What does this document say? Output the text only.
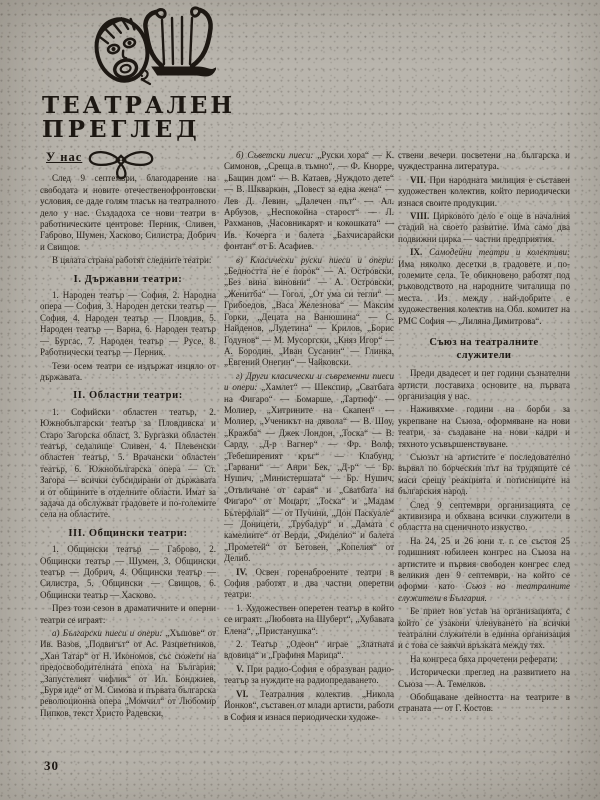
ТЕАТРАЛЕН
ПРЕГЛЕД
У нас

След 9 септември, благодарение на свободата и новите отечественофронтовски условия, се даде голям тласък на театралното дело у нас. Създадоха се нови театри в работническите центрове: Перник, Сливен, Габрово, Шумен, Хасково, Силистра, Добрич и Свищов.

В цялата страна работят следните театри:

I. Държавни театри:

1. Народен театър — София, 2. Народна опера — София, 3. Народен детски театър — София, 4. Народен театър — Пловдив, 5. Народен театър — Варна, 6. Народен театър — Бургас, 7. Народен театър — Русе, 8. Работнически театър — Перник.

Тези осем театри се издържат изцяло от държавата.

II. Областни театри:

1. Софийски областен театър, 2. Южнобългарски театър за Пловдивска и Старо Загорска област, 3. Бургазки областен театър, седалище Сливен, 4. Плевенски областен театър, 5. Врачански областен театър, 6. Южнобългарска опера — Ст. Загора — всички субсидирани от държавата и от общините в отделните области. Имат за задача да обслужват градовете и по-големите села на областите.

III. Общински театри:

1. Общински театър — Габрово, 2. Общински театър — Шумен, 3. Общински театър — Добрич, 4. Общински театър — Силистра, 5. Общински — Свищов, 6. Общински театър — Хасково.

През този сезон в драматичните и оперни театри се играят:

а) Български пиеси и опери: „Хъшове“ от Ив. Вазов, „Подвигът“ от Ас. Разцветников, „Хан Татар“ от Н. Икономов, със сюжети на предосвободителната епоха на България; „Запустелият чифлик“ от Ил. Бонджиев, „Буря иде“ от М. Симова и първата българска революционна опера „Момчил“ от Любомир Пипков, текст Христо Радевски,

б) Съветски пиеси: „Руски хора“ — К. Симонов, „Среща в тъмно“, — Ф. Кнорре, „Бащин дом“ — В. Катаев, „Чуждото дете“ — В. Шкваркин, „Повест за една жена“ — Лев Д. Левин, „Далечен път“ — Ал. Арбузов, „Неспокойна старост“ — Л. Рахманов, „Часовникарят и кокошката“ — Ив. Кочерга и балета „Бахчисарайски фонтан“ от Б. Асафиев.

в) Класически руски пиеси и опери: „Бедността не е порок“ — А. Островски, „Без вина виновни“ — А. Островски, „Женитба“ — Гогол, „От ума си тегли“ — Грибоедов, „Васа Железнова“ — Максим Горки, „Децата на Ванюшина“ — С. Найденов, „Лудетина“ — Крилов, „Борис Годунов“ — М. Мусоргски, „Княз Игор“ — А. Бородин, „Иван Сусанин“ — Глинка, „Евгений Онегин“ — Чайковски.

г) Други класически и съвременни пиеси и опери: „Хамлет“ — Шекспир, „Сватбата на Фигаро“ — Бомарше, „Тартюф“ — Молиер, „Хитрините на Скапен“ — Молиер, „Ученикът на дявола“ — В. Шоу, „Кражба“ — Джек Лондон, „Тоска“ — В. Сарду, „Д-р Вагнер“ — Фр. Волф, „Тебеширеният кръг“ — Клабунд, „Гарвани“ — Анри Бек, „Д-р“ — Бр. Нушич, „Министершата“ — Бр. Нушич, „Отвличане от сарая“ и „Сватбата на Фигаро“ от Моцарт, „Тоска“ и „Мадам Бътерфлай“ — от Пучини, „Дон Паскуале“ — Доницети, „Трубадур“ и „Дамата с камелиите“ от Верди, „Фиделио“ и балета „Прометей“ от Бетовен, „Копелия“ от Делиб.

IV. Освен горенаброените театри в София работят и два частни оперетни театри:

1. Художествен оперетен театър в който се играят: „Любовта на Шуберт“, „Хубавата Елена“, „Пристанушка“.

2. Театър „Одеон“ играе „Златната вдовица“ и „Графиня Марица“.

V. При радио-София е образуван радио-театър за нуждите на радиопредаването.

VI. Театралния колектив „Никола Йонков“, съставен от млади артисти, работи в София и изнася периодически художе-

ствени вечери посветени на българска и чуждестранна литература.

VII. При народната милиция е съставен художествен колектив, който периодически изнася своите продукции.

VIII. Цирковото дело е още в началния стадий на своето развитие. Има само два подвижни цирка — частни предприятия.

IX. Самодейни театри и колективи: Има няколко десетки в градовете и по-големите села. Те обикновено работят под ръководството на народните читалища по места. Из между най-добрите е художествения колектив на Обл. комитет на РМС София — „Лиляна Димитрова“.

Съюз на театралните служители

Преди двадесет и пет години съзнателни артисти поставиха основите на първата организация у нас.

Наживяхме години на борби за укрепване на Съюза, оформяване на нови театри, за създаване на нови кадри и тяхното усъвършенствуване.

Съюзът на артистите е последователно вървял по борческия път на трудящите се маси срещу реакцията и потисниците на българския народ.

След 9 септември организацията се активизира и обхвана всички служители в областта на сценичното изкуство.

На 24, 25 и 26 юни т. г. се състоя 25 годишният юбилеен конгрес на Съюза на артистите и първия свободен конгрес след великия ден 9 септември, на който се оформи като Съюз на театралните служители в България.

Бе приет нов устав на организацията, с който се узакони членуването на всички театрални служители в единна организация и с това се заякчи връзката между тях.

На конгреса бяха прочетени реферати:

Исторически преглед на развитието на Съюза — А. Темелков.

Обобщаване дейността на театрите в страната — от Г. Костов.

30
